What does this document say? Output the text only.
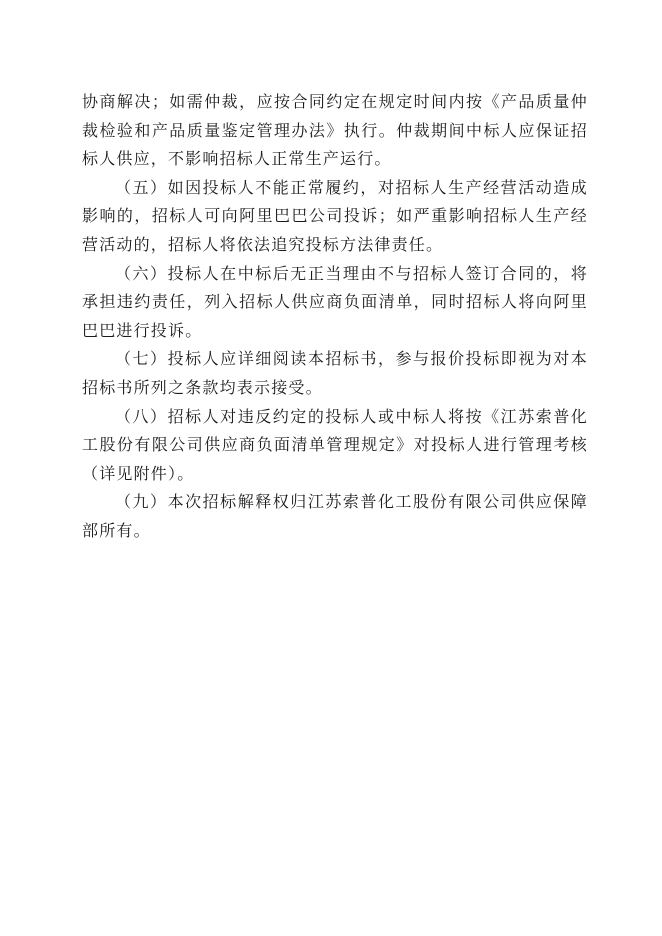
协商解决；如需仲裁，应按合同约定在规定时间内按《产品质量仲裁检验和产品质量鉴定管理办法》执行。仲裁期间中标人应保证招标人供应，不影响招标人正常生产运行。

（五）如因投标人不能正常履约，对招标人生产经营活动造成影响的，招标人可向阿里巴巴公司投诉；如严重影响招标人生产经营活动的，招标人将依法追究投标方法律责任。

（六）投标人在中标后无正当理由不与招标人签订合同的，将承担违约责任，列入招标人供应商负面清单，同时招标人将向阿里巴巴进行投诉。

（七）投标人应详细阅读本招标书，参与报价投标即视为对本招标书所列之条款均表示接受。

（八）招标人对违反约定的投标人或中标人将按《江苏索普化工股份有限公司供应商负面清单管理规定》对投标人进行管理考核（详见附件）。

（九）本次招标解释权归江苏索普化工股份有限公司供应保障部所有。
